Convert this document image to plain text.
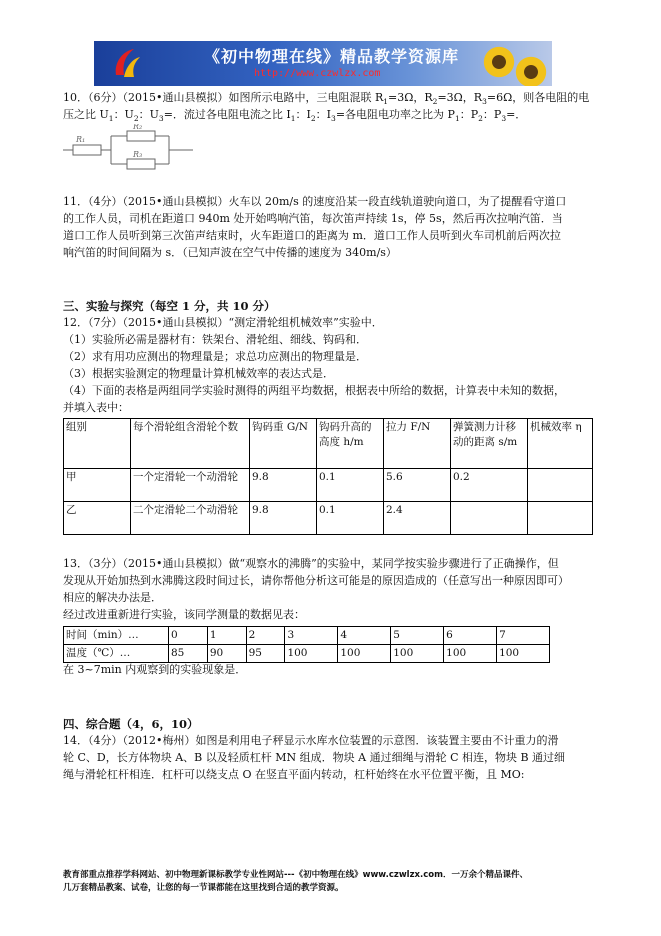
《初中物理在线》精品教学资源库
http://www.czwlzx.com
10．（6分）（2015•通山县模拟）如图所示电路中，三电阻混联 $R_1=3\Omega$，$R_2=3\Omega$，$R_3=6\Omega$，则各电阻的电
压之比 $U_1$：$U_2$：$U_3=$．流过各电阻电流之比 $I_1$：$I_2$：$I_3=$各电阻电功率之比为 $P_1$：$P_2$：$P_3=$．
R₁
R₂
R₃
11．（4分）（2015•通山县模拟）火车以 20m/s 的速度沿某一段直线轨道驶向道口，为了提醒看守道口
的工作人员，司机在距道口 940m 处开始鸣响汽笛，每次笛声持续 1s，停 5s，然后再次拉响汽笛．当
道口工作人员听到第三次笛声结束时，火车距道口的距离为 m．道口工作人员听到火车司机前后两次拉
响汽笛的时间间隔为 s．（已知声波在空气中传播的速度为 340m/s）
三、实验与探究（每空 1 分，共 10 分）
12．（7分）（2015•通山县模拟）“测定滑轮组机械效率”实验中．
（1）实验所必需是器材有：铁架台、滑轮组、细线、钩码和．
（2）求有用功应测出的物理量是；求总功应测出的物理量是．
（3）根据实验测定的物理量计算机械效率的表达式是．
（4）下面的表格是两组同学实验时测得的两组平均数据，根据表中所给的数据，计算表中未知的数据，
并填入表中：
组别	每个滑轮组含滑轮个数	钩码重 G/N	钩码升高的高度 h/m	拉力 F/N	弹簧测力计移动的距离 s/m	机械效率 η
甲	一个定滑轮一个动滑轮	9.8	0.1	5.6	0.2	
乙	二个定滑轮二个动滑轮	9.8	0.1	2.4		
13．（3分）（2015•通山县模拟）做“观察水的沸腾”的实验中，某同学按实验步骤进行了正确操作，但
发现从开始加热到水沸腾这段时间过长，请你帮他分析这可能是的原因造成的（任意写出一种原因即可）
相应的解决办法是．
经过改进重新进行实验，该同学测量的数据见表：
时间（min）…	0	1	2	3	4	5	6	7
温度（℃）…	85	90	95	100	100	100	100	100
在 3~7min 内观察到的实验现象是．
四、综合题（4，6，10）
14．（4分）（2012•梅州）如图是利用电子秤显示水库水位装置的示意图．该装置主要由不计重力的滑
轮 C、D，长方体物块 A、B 以及轻质杠杆 MN 组成．物块 A 通过细绳与滑轮 C 相连，物块 B 通过细
绳与滑轮杠杆相连．杠杆可以绕支点 O 在竖直平面内转动，杠杆始终在水平位置平衡，且 MO:
教育部重点推荐学科网站、初中物理新课标教学专业性网站---《初中物理在线》www.czwlzx.com．一万余个精品课件、
几万套精品教案、试卷，让您的每一节课都能在这里找到合适的教学资源。
